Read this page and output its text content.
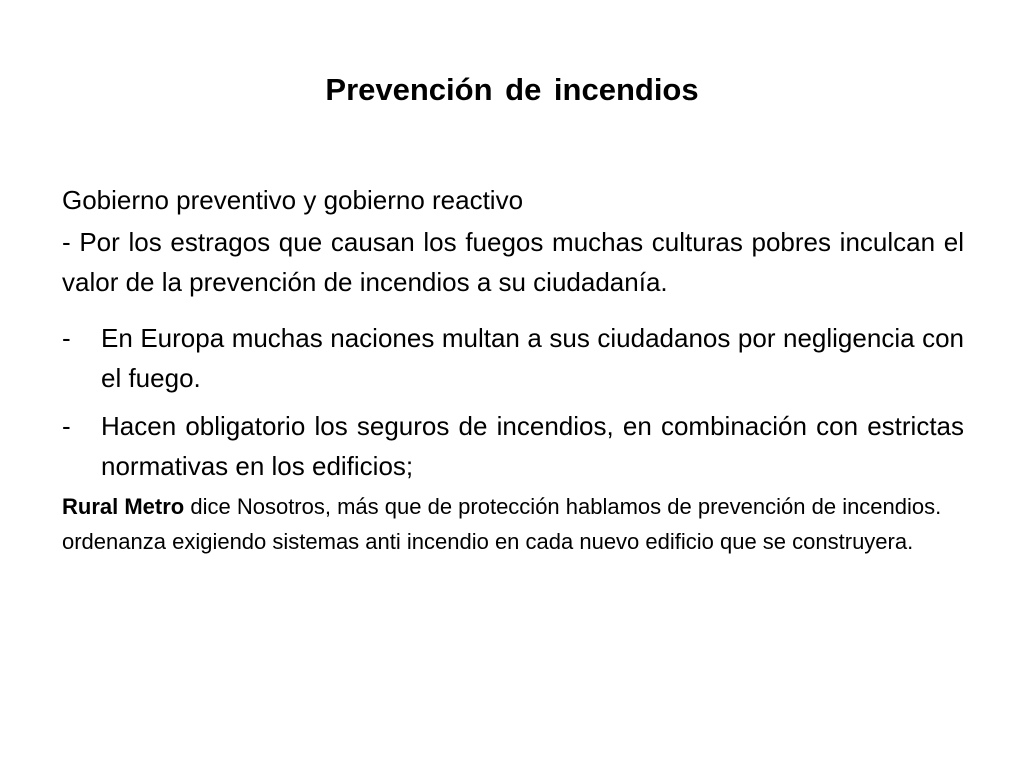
Prevención de incendios
Gobierno preventivo y gobierno reactivo
- Por los estragos que causan los fuegos muchas culturas pobres inculcan el valor de la prevención de incendios a su ciudadanía.
- En Europa muchas naciones multan a sus ciudadanos por negligencia con el fuego.
- Hacen obligatorio los seguros de incendios, en combinación con estrictas normativas en los edificios;
Rural Metro dice Nosotros, más que de protección hablamos de prevención de incendios.
ordenanza exigiendo sistemas anti incendio en cada nuevo edificio que se construyera.
